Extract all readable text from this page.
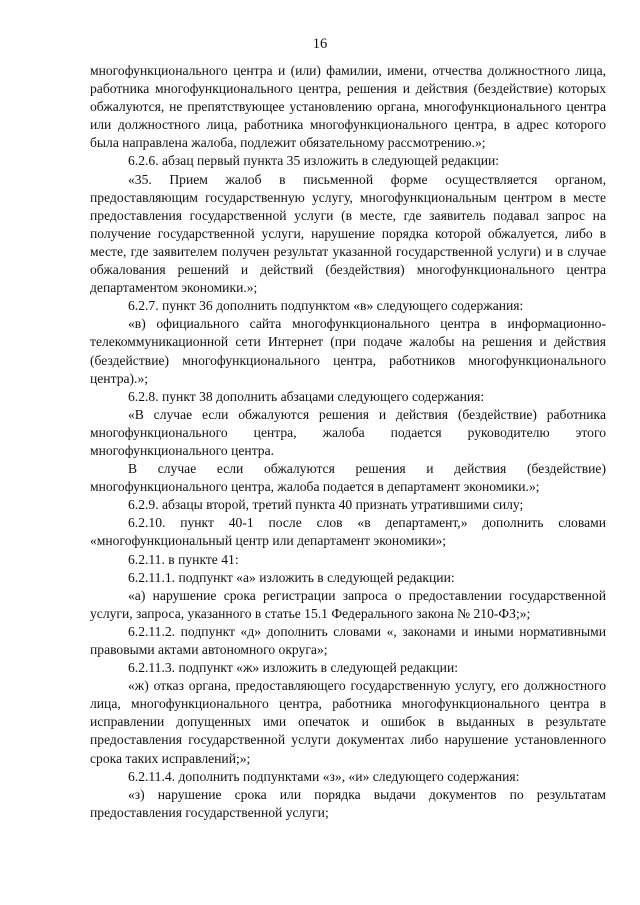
16

многофункционального центра и (или) фамилии, имени, отчества должностного лица, работника многофункционального центра, решения и действия (бездействие) которых обжалуются, не препятствующее установлению органа, многофункционального центра или должностного лица, работника многофункционального центра, в адрес которого была направлена жалоба, подлежит обязательному рассмотрению.»;

6.2.6. абзац первый пункта 35 изложить в следующей редакции:

«35. Прием жалоб в письменной форме осуществляется органом, предоставляющим государственную услугу, многофункциональным центром в месте предоставления государственной услуги (в месте, где заявитель подавал запрос на получение государственной услуги, нарушение порядка которой обжалуется, либо в месте, где заявителем получен результат указанной государственной услуги) и в случае обжалования решений и действий (бездействия) многофункционального центра департаментом экономики.»;

6.2.7. пункт 36 дополнить подпунктом «в» следующего содержания:

«в) официального сайта многофункционального центра в информационно-телекоммуникационной сети Интернет (при подаче жалобы на решения и действия (бездействие) многофункционального центра, работников многофункционального центра).»;

6.2.8. пункт 38 дополнить абзацами следующего содержания:

«В случае если обжалуются решения и действия (бездействие) работника многофункционального центра, жалоба подается руководителю этого многофункционального центра.

В случае если обжалуются решения и действия (бездействие) многофункционального центра, жалоба подается в департамент экономики.»;

6.2.9. абзацы второй, третий пункта 40 признать утратившими силу;

6.2.10. пункт 40-1 после слов «в департамент,» дополнить словами «многофункциональный центр или департамент экономики»;

6.2.11. в пункте 41:

6.2.11.1. подпункт «а» изложить в следующей редакции:

«а) нарушение срока регистрации запроса о предоставлении государственной услуги, запроса, указанного в статье 15.1 Федерального закона № 210-ФЗ;»;

6.2.11.2. подпункт «д» дополнить словами «, законами и иными нормативными правовыми актами автономного округа»;

6.2.11.3. подпункт «ж» изложить в следующей редакции:

«ж) отказ органа, предоставляющего государственную услугу, его должностного лица, многофункционального центра, работника многофункционального центра в исправлении допущенных ими опечаток и ошибок в выданных в результате предоставления государственной услуги документах либо нарушение установленного срока таких исправлений;»;

6.2.11.4. дополнить подпунктами «з», «и» следующего содержания:

«з) нарушение срока или порядка выдачи документов по результатам предоставления государственной услуги;
